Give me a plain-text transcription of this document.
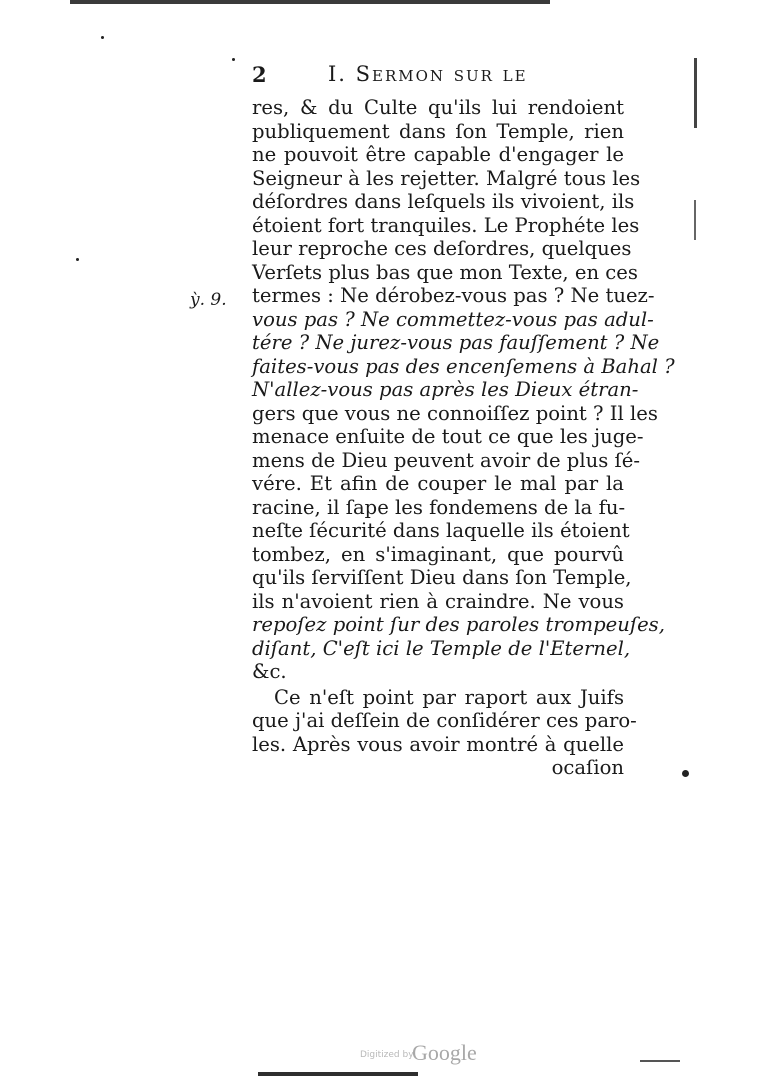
2	I. Sermon sur le
ỳ. 9.
res, & du Culte qu'ils lui rendoient
publiquement dans ſon Temple, rien
ne pouvoit être capable d'engager le
Seigneur à les rejetter. Malgré tous les
déſordres dans leſquels ils vivoient, ils
étoient fort tranquiles. Le Prophéte les
leur reproche ces deſordres, quelques
Verſets plus bas que mon Texte, en ces
termes : Ne dérobez-vous pas ? Ne tuez-
vous pas ? Ne commettez-vous pas adul-
tére ? Ne jurez-vous pas fauſſement ? Ne
faites-vous pas des encenſemens à Bahal ?
N'allez-vous pas après les Dieux étran-
gers que vous ne connoiſſez point ? Il les
menace enſuite de tout ce que les juge-
mens de Dieu peuvent avoir de plus ſé-
vére. Et afin de couper le mal par la
racine, il ſape les fondemens de la fu-
neſte ſécurité dans laquelle ils étoient
tombez, en s'imaginant, que pourvû
qu'ils ſerviſſent Dieu dans ſon Temple,
ils n'avoient rien à craindre. Ne vous
repoſez point ſur des paroles trompeuſes,
diſant, C'eſt ici le Temple de l'Eternel,
&c.
Ce n'eſt point par raport aux Juifs
que j'ai deſſein de conſidérer ces paro-
les. Après vous avoir montré à quelle
ocaſion
Digitized by
Google
